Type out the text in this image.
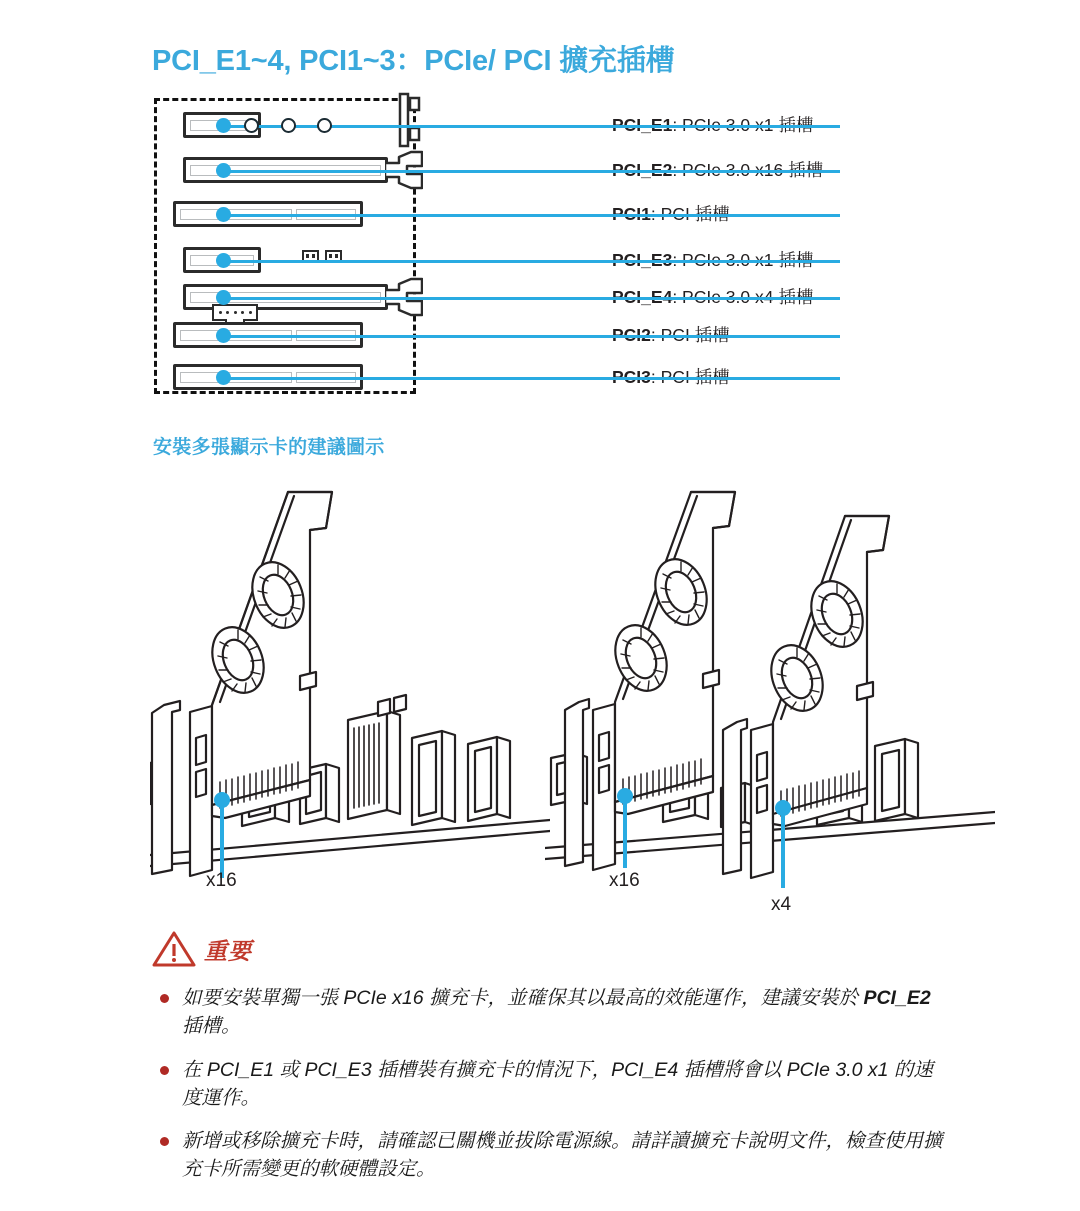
PCI_E1~4, PCI1~3：PCIe/ PCI 擴充插槽
安裝多張顯示卡的建議圖示
x16	x16
x4
重要
如要安裝單獨一張 PCIe x16 擴充卡，並確保其以最高的效能運作，建議安裝於 PCI_E2 插槽。
在 PCI_E1 或 PCI_E3 插槽裝有擴充卡的情況下，PCI_E4 插槽將會以 PCIe 3.0 x1 的速度運作。
新增或移除擴充卡時，請確認已關機並拔除電源線。請詳讀擴充卡說明文件，檢查使用擴充卡所需變更的軟硬體設定。
